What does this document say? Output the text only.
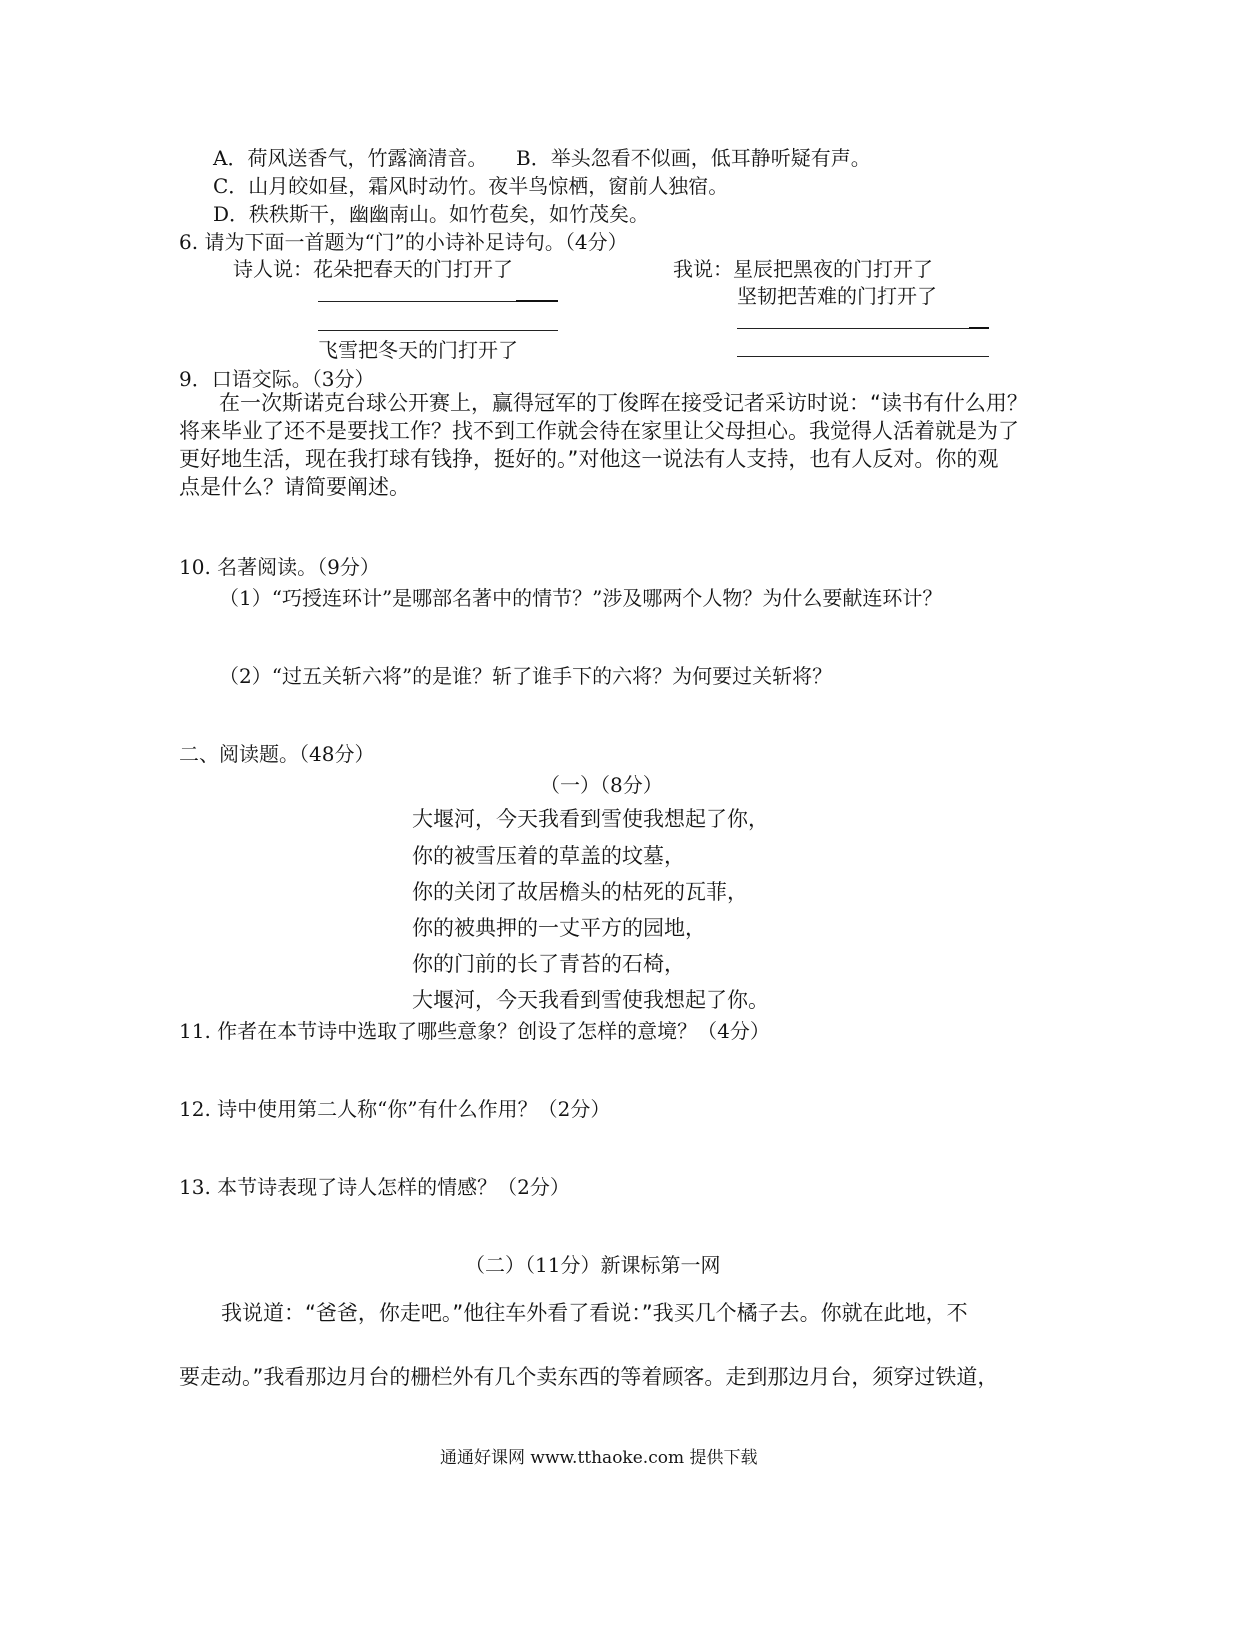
A．荷风送香气，竹露滴清音。 B．举头忽看不似画，低耳静听疑有声。
C．山月皎如昼，霜风时动竹。夜半鸟惊栖，窗前人独宿。
D．秩秩斯干，幽幽南山。如竹苞矣，如竹茂矣。
6. 请为下面一首题为“门”的小诗补足诗句。（4分）
诗人说：花朵把春天的门打开了
飞雪把冬天的门打开了
我说：星辰把黑夜的门打开了
坚韧把苦难的门打开了
9．口语交际。（3分）
在一次斯诺克台球公开赛上，赢得冠军的丁俊晖在接受记者采访时说：“读书有什么用？
将来毕业了还不是要找工作？找不到工作就会待在家里让父母担心。我觉得人活着就是为了
更好地生活，现在我打球有钱挣，挺好的。”对他这一说法有人支持，也有人反对。你的观
点是什么？请简要阐述。
10. 名著阅读。（9分）
（1）“巧授连环计”是哪部名著中的情节？”涉及哪两个人物？为什么要献连环计？
（2）“过五关斩六将”的是谁？斩了谁手下的六将？为何要过关斩将？
二、阅读题。（48分）
（一）（8分）
大堰河，今天我看到雪使我想起了你，
你的被雪压着的草盖的坟墓，
你的关闭了故居檐头的枯死的瓦菲，
你的被典押的一丈平方的园地，
你的门前的长了青苔的石椅，
大堰河，今天我看到雪使我想起了你。
11. 作者在本节诗中选取了哪些意象？创设了怎样的意境？（4分）
12. 诗中使用第二人称“你”有什么作用？（2分）
13. 本节诗表现了诗人怎样的情感？（2分）
（二）（11分）新课标第一网
我说道：“爸爸，你走吧。”他往车外看了看说：”我买几个橘子去。你就在此地，不
要走动。”我看那边月台的栅栏外有几个卖东西的等着顾客。走到那边月台，须穿过铁道，
通通好课网 www.tthaoke.com 提供下载
